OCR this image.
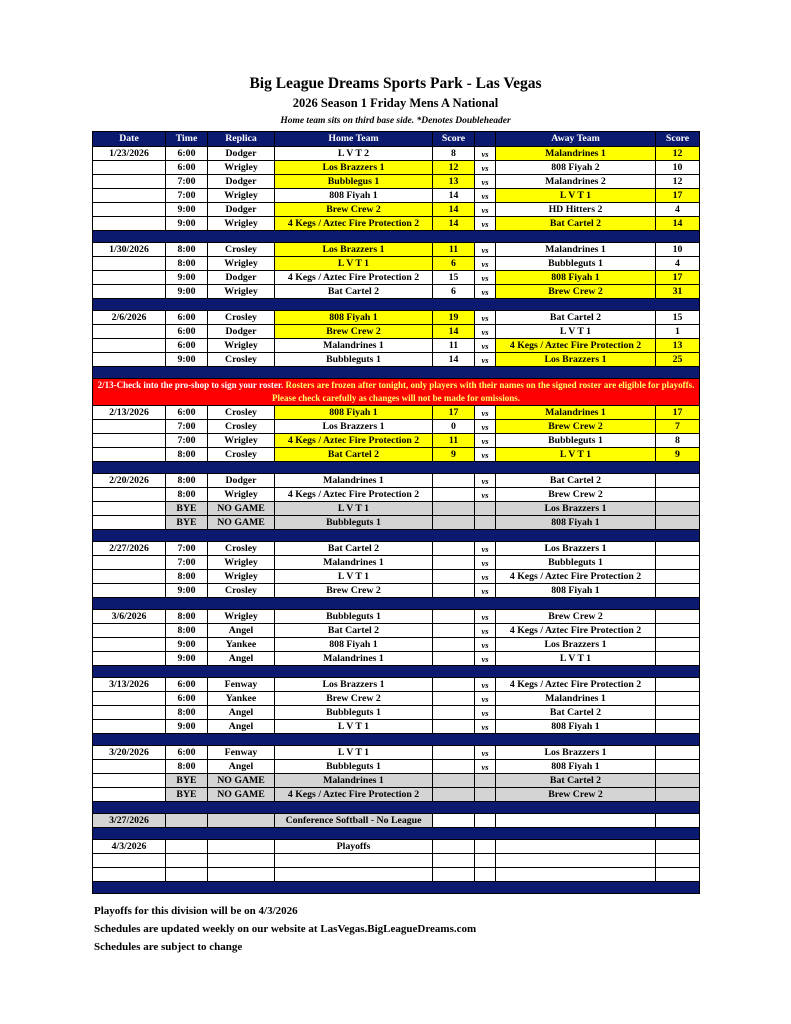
Big League Dreams Sports Park - Las Vegas
2026 Season 1 Friday Mens A National
Home team sits on third base side. *Denotes Doubleheader
Date	Time	Replica	Home Team	Score		Away Team	Score
1/23/2026	6:00	Dodger	L V T 2	8	vs	Malandrines 1	12
	6:00	Wrigley	Los Brazzers 1	12	vs	808 Fiyah 2	10
	7:00	Dodger	Bubblegus 1	13	vs	Malandrines 2	12
	7:00	Wrigley	808 Fiyah 1	14	vs	L V T 1	17
	9:00	Dodger	Brew Crew 2	14	vs	HD Hitters 2	4
	9:00	Wrigley	4 Kegs / Aztec Fire Protection 2	14	vs	Bat Cartel 2	14

1/30/2026	8:00	Crosley	Los Brazzers 1	11	vs	Malandrines 1	10
	8:00	Wrigley	L V T 1	6	vs	Bubbleguts 1	4
	9:00	Dodger	4 Kegs / Aztec Fire Protection 2	15	vs	808 Fiyah 1	17
	9:00	Wrigley	Bat Cartel 2	6	vs	Brew Crew 2	31

2/6/2026	6:00	Crosley	808 Fiyah 1	19	vs	Bat Cartel 2	15
	6:00	Dodger	Brew Crew 2	14	vs	L V T 1	1
	6:00	Wrigley	Malandrines 1	11	vs	4 Kegs / Aztec Fire Protection 2	13
	9:00	Crosley	Bubbleguts 1	14	vs	Los Brazzers 1	25

2/13-Check into the pro-shop to sign your roster. Rosters are frozen after tonight, only players with their names on the signed roster are eligible for playoffs. Please check carefully as changes will not be made for omissions.							
2/13/2026	6:00	Crosley	808 Fiyah 1	17	vs	Malandrines 1	17
	7:00	Crosley	Los Brazzers 1	0	vs	Brew Crew 2	7
	7:00	Wrigley	4 Kegs / Aztec Fire Protection 2	11	vs	Bubbleguts 1	8
	8:00	Crosley	Bat Cartel 2	9	vs	L V T 1	9

2/20/2026	8:00	Dodger	Malandrines 1		vs	Bat Cartel 2	
	8:00	Wrigley	4 Kegs / Aztec Fire Protection 2		vs	Brew Crew 2	
	BYE	NO GAME	L V T 1			Los Brazzers 1	
	BYE	NO GAME	Bubbleguts 1			808 Fiyah 1	

2/27/2026	7:00	Crosley	Bat Cartel 2		vs	Los Brazzers 1	
	7:00	Wrigley	Malandrines 1		vs	Bubbleguts 1	
	8:00	Wrigley	L V T 1		vs	4 Kegs / Aztec Fire Protection 2	
	9:00	Crosley	Brew Crew 2		vs	808 Fiyah 1	

3/6/2026	8:00	Wrigley	Bubbleguts 1		vs	Brew Crew 2	
	8:00	Angel	Bat Cartel 2		vs	4 Kegs / Aztec Fire Protection 2	
	9:00	Yankee	808 Fiyah 1		vs	Los Brazzers 1	
	9:00	Angel	Malandrines 1		vs	L V T 1	

3/13/2026	6:00	Fenway	Los Brazzers 1		vs	4 Kegs / Aztec Fire Protection 2	
	6:00	Yankee	Brew Crew 2		vs	Malandrines 1	
	8:00	Angel	Bubbleguts 1		vs	Bat Cartel 2	
	9:00	Angel	L V T 1		vs	808 Fiyah 1	

3/20/2026	6:00	Fenway	L V T 1		vs	Los Brazzers 1	
	8:00	Angel	Bubbleguts 1		vs	808 Fiyah 1	
	BYE	NO GAME	Malandrines 1			Bat Cartel 2	
	BYE	NO GAME	4 Kegs / Aztec Fire Protection 2			Brew Crew 2	

3/27/2026			Conference Softball - No League				

4/3/2026			Playoffs				

Playoffs for this division will be on 4/3/2026
Schedules are updated weekly on our website at LasVegas.BigLeagueDreams.com
Schedules are subject to change
